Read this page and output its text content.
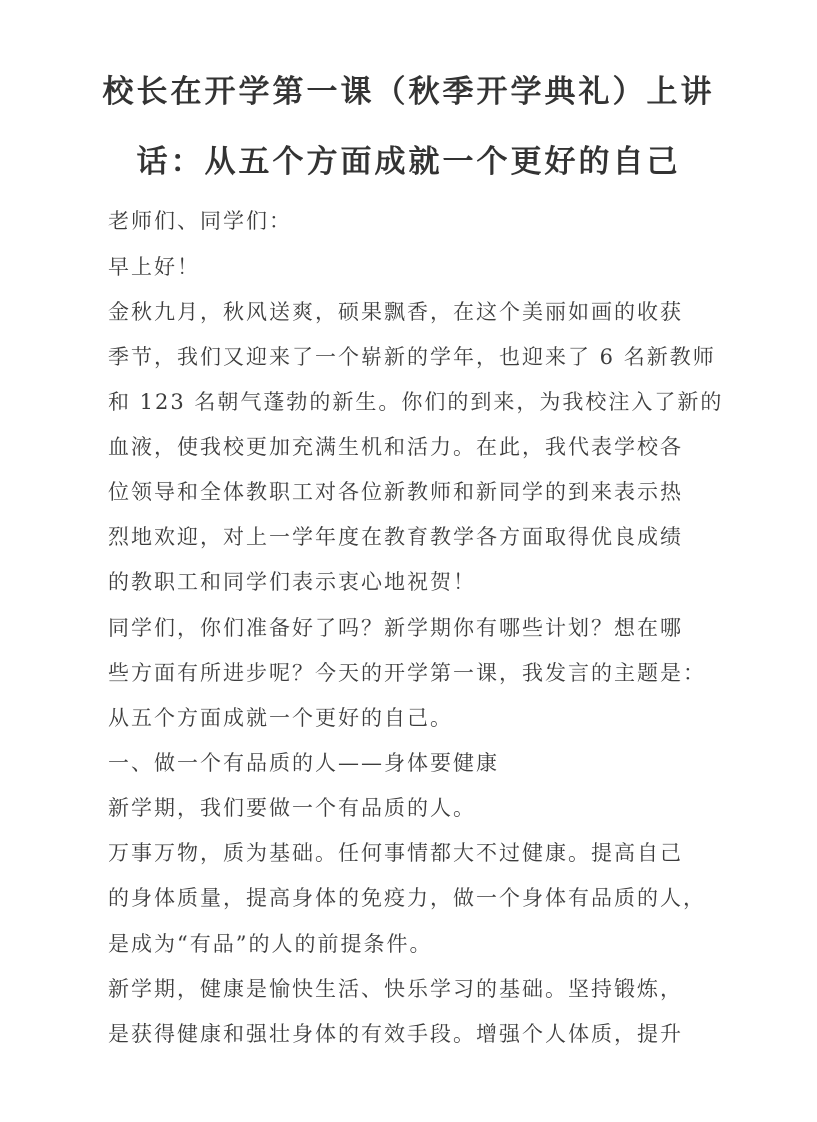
校长在开学第一课（秋季开学典礼）上讲
话：从五个方面成就一个更好的自己
老师们、同学们：
早上好！
金秋九月，秋风送爽，硕果飘香，在这个美丽如画的收获
季节，我们又迎来了一个崭新的学年，也迎来了 6 名新教师
和 123 名朝气蓬勃的新生。你们的到来，为我校注入了新的
血液，使我校更加充满生机和活力。在此，我代表学校各
位领导和全体教职工对各位新教师和新同学的到来表示热
烈地欢迎，对上一学年度在教育教学各方面取得优良成绩
的教职工和同学们表示衷心地祝贺！
同学们，你们准备好了吗？新学期你有哪些计划？想在哪
些方面有所进步呢？今天的开学第一课，我发言的主题是：
从五个方面成就一个更好的自己。
一、做一个有品质的人——身体要健康
新学期，我们要做一个有品质的人。
万事万物，质为基础。任何事情都大不过健康。提高自己
的身体质量，提高身体的免疫力，做一个身体有品质的人，
是成为“有品”的人的前提条件。
新学期，健康是愉快生活、快乐学习的基础。坚持锻炼，
是获得健康和强壮身体的有效手段。增强个人体质，提升
